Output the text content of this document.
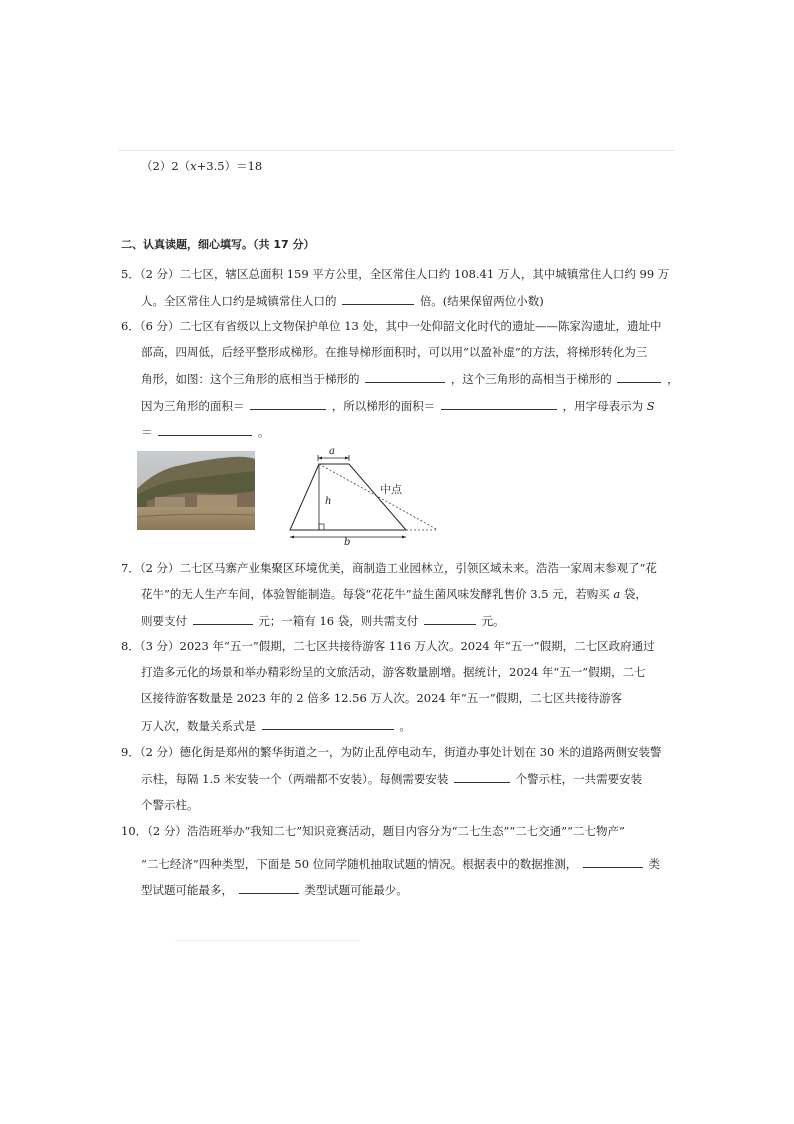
（2）2（x+3.5）＝18
二、认真读题，细心填写。（共 17 分）
5．（2 分）二七区，辖区总面积 159 平方公里，全区常住人口约 108.41 万人，其中城镇常住人口约 99 万
人。全区常住人口约是城镇常住人口的	倍。(结果保留两位小数)
6．（6 分）二七区有省级以上文物保护单位 13 处，其中一处仰韶文化时代的遗址——陈家沟遗址，遗址中
部高，四周低，后经平整形成梯形。在推导梯形面积时，可以用“以盈补虚”的方法，将梯形转化为三
角形，如图：这个三角形的底相当于梯形的	，这个三角形的高相当于梯形的	，
因为三角形的面积＝	，所以梯形的面积＝	，用字母表示为 S
＝	。
a
h
b
中点
7．（2 分）二七区马寨产业集聚区环境优美，商制造工业园林立，引领区域未来。浩浩一家周末参观了“花
花牛”的无人生产车间，体验智能制造。每袋“花花牛”益生菌风味发酵乳售价 3.5 元，若购买 a 袋，
则要支付	元；一箱有 16 袋，则共需支付	元。
8．（3 分）2023 年“五一”假期，二七区共接待游客 116 万人次。2024 年“五一”假期，二七区政府通过
打造多元化的场景和举办精彩纷呈的文旅活动，游客数量剧增。据统计，2024 年“五一”假期，二七
区接待游客数量是 2023 年的 2 倍多 12.56 万人次。2024 年“五一”假期，二七区共接待游客
万人次，数量关系式是	。
9．（2 分）德化街是郑州的繁华街道之一，为防止乱停电动车，街道办事处计划在 30 米的道路两侧安装警
示柱，每隔 1.5 米安装一个（两端都不安装）。每侧需要安装	个警示柱，一共需要安装
个警示柱。
10．（2 分）浩浩班举办“我知二七”知识竞赛活动，题目内容分为“二七生态”“二七交通”“二七物产”
“二七经济”四种类型，下面是 50 位同学随机抽取试题的情况。根据表中的数据推测，	类
型试题可能最多，	类型试题可能最少。
